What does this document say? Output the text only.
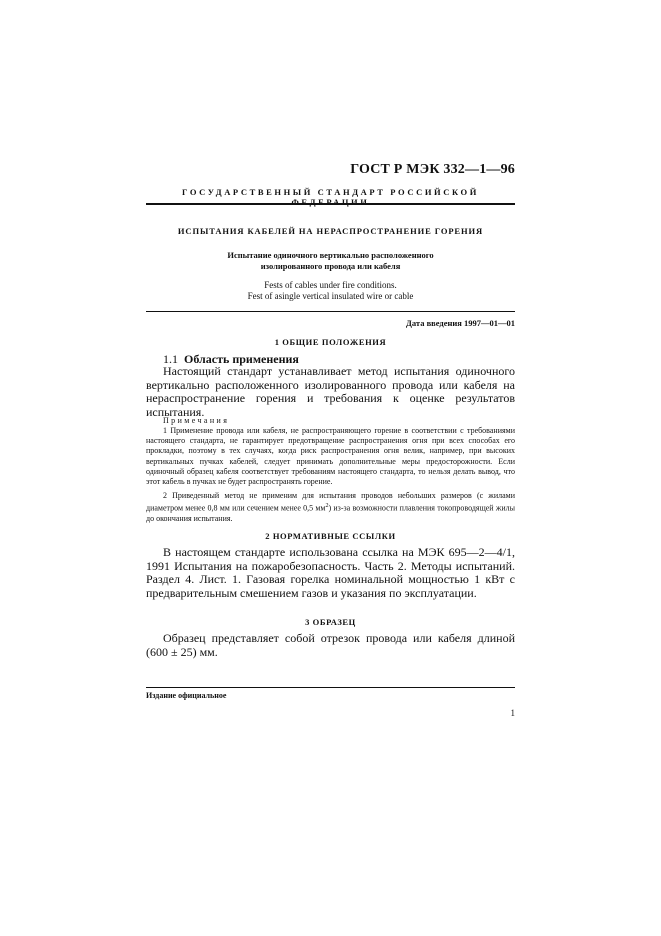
ГОСТ Р МЭК 332—1—96
ГОСУДАРСТВЕННЫЙ СТАНДАРТ РОССИЙСКОЙ ФЕДЕРАЦИИ
ИСПЫТАНИЯ КАБЕЛЕЙ НА НЕРАСПРОСТРАНЕНИЕ ГОРЕНИЯ
Испытание одиночного вертикально расположенного
изолированного провода или кабеля
Fests of cables under fire conditions.
Fest of asingle vertical insulated wire or cable
Дата введения 1997—01—01
1 ОБЩИЕ ПОЛОЖЕНИЯ
1.1 Область применения
Настоящий стандарт устанавливает метод испытания одиночного вертикально расположенного изолированного провода или кабеля на нераспространение горения и требования к оценке результатов испытания.
Примечания
1 Применение провода или кабеля, не распространяющего горение в соответствии с требованиями настоящего стандарта, не гарантирует предотвращение распространения огня при всех способах его прокладки, поэтому в тех случаях, когда риск распространения огня велик, например, при высоких вертикальных пучках кабелей, следует принимать дополнительные меры предосторожности. Если одиночный образец кабеля соответствует требованиям настоящего стандарта, то нельзя делать вывод, что этот кабель в пучках не будет распространять горение.
2 Приведенный метод не применим для испытания проводов небольших размеров (с жилами диаметром менее 0,8 мм или сечением менее 0,5 $мм^2$) из-за возможности плавления токопроводящей жилы до окончания испытания.
2 НОРМАТИВНЫЕ ССЫЛКИ
В настоящем стандарте использована ссылка на МЭК 695—2—4/1, 1991 Испытания на пожаробезопасность. Часть 2. Методы испытаний. Раздел 4. Лист. 1. Газовая горелка номинальной мощностью 1 кВт с предварительным смешением газов и указания по эксплуатации.
3 ОБРАЗЕЦ
Образец представляет собой отрезок провода или кабеля длиной (600 ± 25) мм.
Издание официальное
1
